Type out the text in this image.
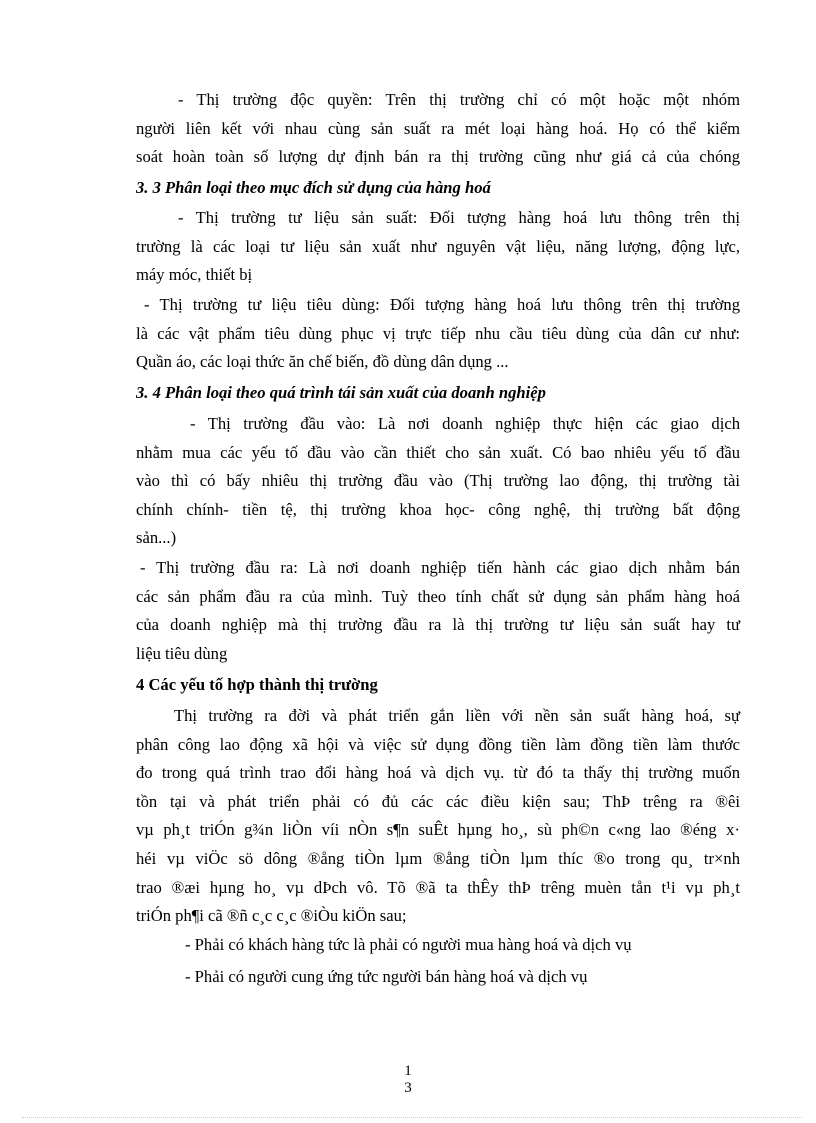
- Thị trường độc quyền: Trên thị trường chỉ có một hoặc một nhóm
người liên kết với nhau cùng sản suất ra mét loại hàng hoá. Họ có thể kiểm
soát hoàn toàn số lượng dự định bán ra thị trường cũng như giá cả của chóng
3. 3 Phân loại theo mục đích sử dụng của hàng hoá
- Thị trường tư liệu sản suất: Đối tượng hàng hoá lưu thông trên thị
trường là các loại tư liệu sản xuất như nguyên vật liệu, năng lượng, động lực,
máy móc, thiết bị
- Thị trường tư liệu tiêu dùng: Đối tượng hàng hoá lưu thông trên thị trường
là các vật phẩm tiêu dùng phục vị trực tiếp nhu cầu tiêu dùng của dân cư như:
Quần áo, các loại thức ăn chế biến, đồ dùng dân dụng ...
3. 4 Phân loại theo quá trình tái sản xuất của doanh nghiệp
- Thị trường đầu vào: Là nơi doanh nghiệp thực hiện các giao dịch
nhằm mua các yếu tố đầu vào cần thiết cho sản xuất. Có bao nhiêu yếu tố đầu
vào thì có bấy nhiêu thị trường đầu vào (Thị trường lao động, thị trường tài
chính chính- tiền tệ, thị trường khoa học- công nghệ, thị trường bất động
sản...)
- Thị trường đầu ra: Là nơi doanh nghiệp tiến hành các giao dịch nhằm bán
các sản phẩm đầu ra của mình. Tuỳ theo tính chất sử dụng sản phẩm hàng hoá
của doanh nghiệp mà thị trường đầu ra là thị trường tư liệu sản suất hay tư
liệu tiêu dùng
4 Các yếu tố hợp thành thị trường
Thị trường ra đời và phát triển gắn liền với nền sản suất hàng hoá, sự
phân công lao động xã hội và việc sử dụng đồng tiền làm đồng tiền làm thước
đo trong quá trình trao đổi hàng hoá và dịch vụ. từ đó ta thấy thị trường muốn
tồn tại và phát triển phải có đủ các các điều kiện sau; ThÞ trêng ra ®êi
vµ ph¸t triÓn g¾n liÒn víi nÒn s¶n suÊt hµng ho¸, sù ph©n c«ng lao ®éng x·
héi vµ viÖc sö dông ®ång tiÒn lµm ®ång tiÒn lµm thíc ®o trong qu¸ tr×nh
trao ®æi hµng ho¸ vµ dÞch vô. Tõ ®ã ta thÊy thÞ trêng muèn tån t¹i vµ ph¸t
triÓn ph¶i cã ®ñ c¸c c¸c ®iÒu kiÖn sau;
- Phải có khách hàng tức là phải có người mua hàng hoá và dịch vụ
- Phải có người cung ứng tức người bán hàng hoá và dịch vụ
1
3
